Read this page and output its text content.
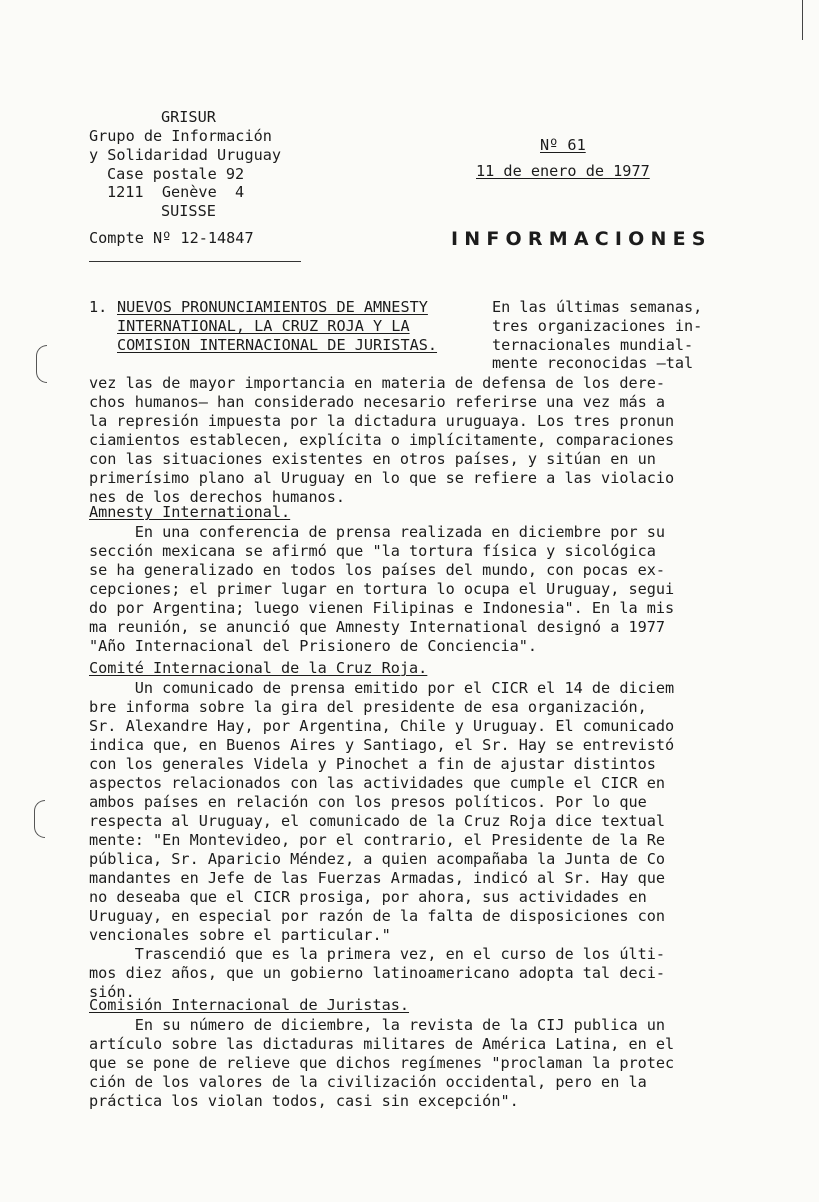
GRISUR
Grupo de Información
y Solidaridad Uruguay
Case postale 92
1211  Genève  4
SUISSE
Compte Nº 12-14847
Nº 61
11 de enero de 1977
INFORMACIONES
1. NUEVOS PRONUNCIAMIENTOS DE AMNESTY
INTERNATIONAL, LA CRUZ ROJA Y LA
COMISION INTERNACIONAL DE JURISTAS.
En las últimas semanas,
tres organizaciones in-
ternacionales mundial-
mente reconocidas —tal
vez las de mayor importancia en materia de defensa de los dere-
chos humanos— han considerado necesario referirse una vez más a
la represión impuesta por la dictadura uruguaya. Los tres pronun
ciamientos establecen, explícita o implícitamente, comparaciones
con las situaciones existentes en otros países, y sitúan en un
primerísimo plano al Uruguay en lo que se refiere a las violacio
nes de los derechos humanos.
Amnesty International.
En una conferencia de prensa realizada en diciembre por su
sección mexicana se afirmó que "la tortura física y sicológica
se ha generalizado en todos los países del mundo, con pocas ex-
cepciones; el primer lugar en tortura lo ocupa el Uruguay, segui
do por Argentina; luego vienen Filipinas e Indonesia". En la mis
ma reunión, se anunció que Amnesty International designó a 1977
"Año Internacional del Prisionero de Conciencia".
Comité Internacional de la Cruz Roja.
Un comunicado de prensa emitido por el CICR el 14 de diciem
bre informa sobre la gira del presidente de esa organización,
Sr. Alexandre Hay, por Argentina, Chile y Uruguay. El comunicado
indica que, en Buenos Aires y Santiago, el Sr. Hay se entrevistó
con los generales Videla y Pinochet a fin de ajustar distintos
aspectos relacionados con las actividades que cumple el CICR en
ambos países en relación con los presos políticos. Por lo que
respecta al Uruguay, el comunicado de la Cruz Roja dice textual
mente: "En Montevideo, por el contrario, el Presidente de la Re
pública, Sr. Aparicio Méndez, a quien acompañaba la Junta de Co
mandantes en Jefe de las Fuerzas Armadas, indicó al Sr. Hay que
no deseaba que el CICR prosiga, por ahora, sus actividades en
Uruguay, en especial por razón de la falta de disposiciones con
vencionales sobre el particular."
Trascendió que es la primera vez, en el curso de los últi-
mos diez años, que un gobierno latinoamericano adopta tal deci-
sión.
Comisión Internacional de Juristas.
En su número de diciembre, la revista de la CIJ publica un
artículo sobre las dictaduras militares de América Latina, en el
que se pone de relieve que dichos regímenes "proclaman la protec
ción de los valores de la civilización occidental, pero en la
práctica los violan todos, casi sin excepción".
